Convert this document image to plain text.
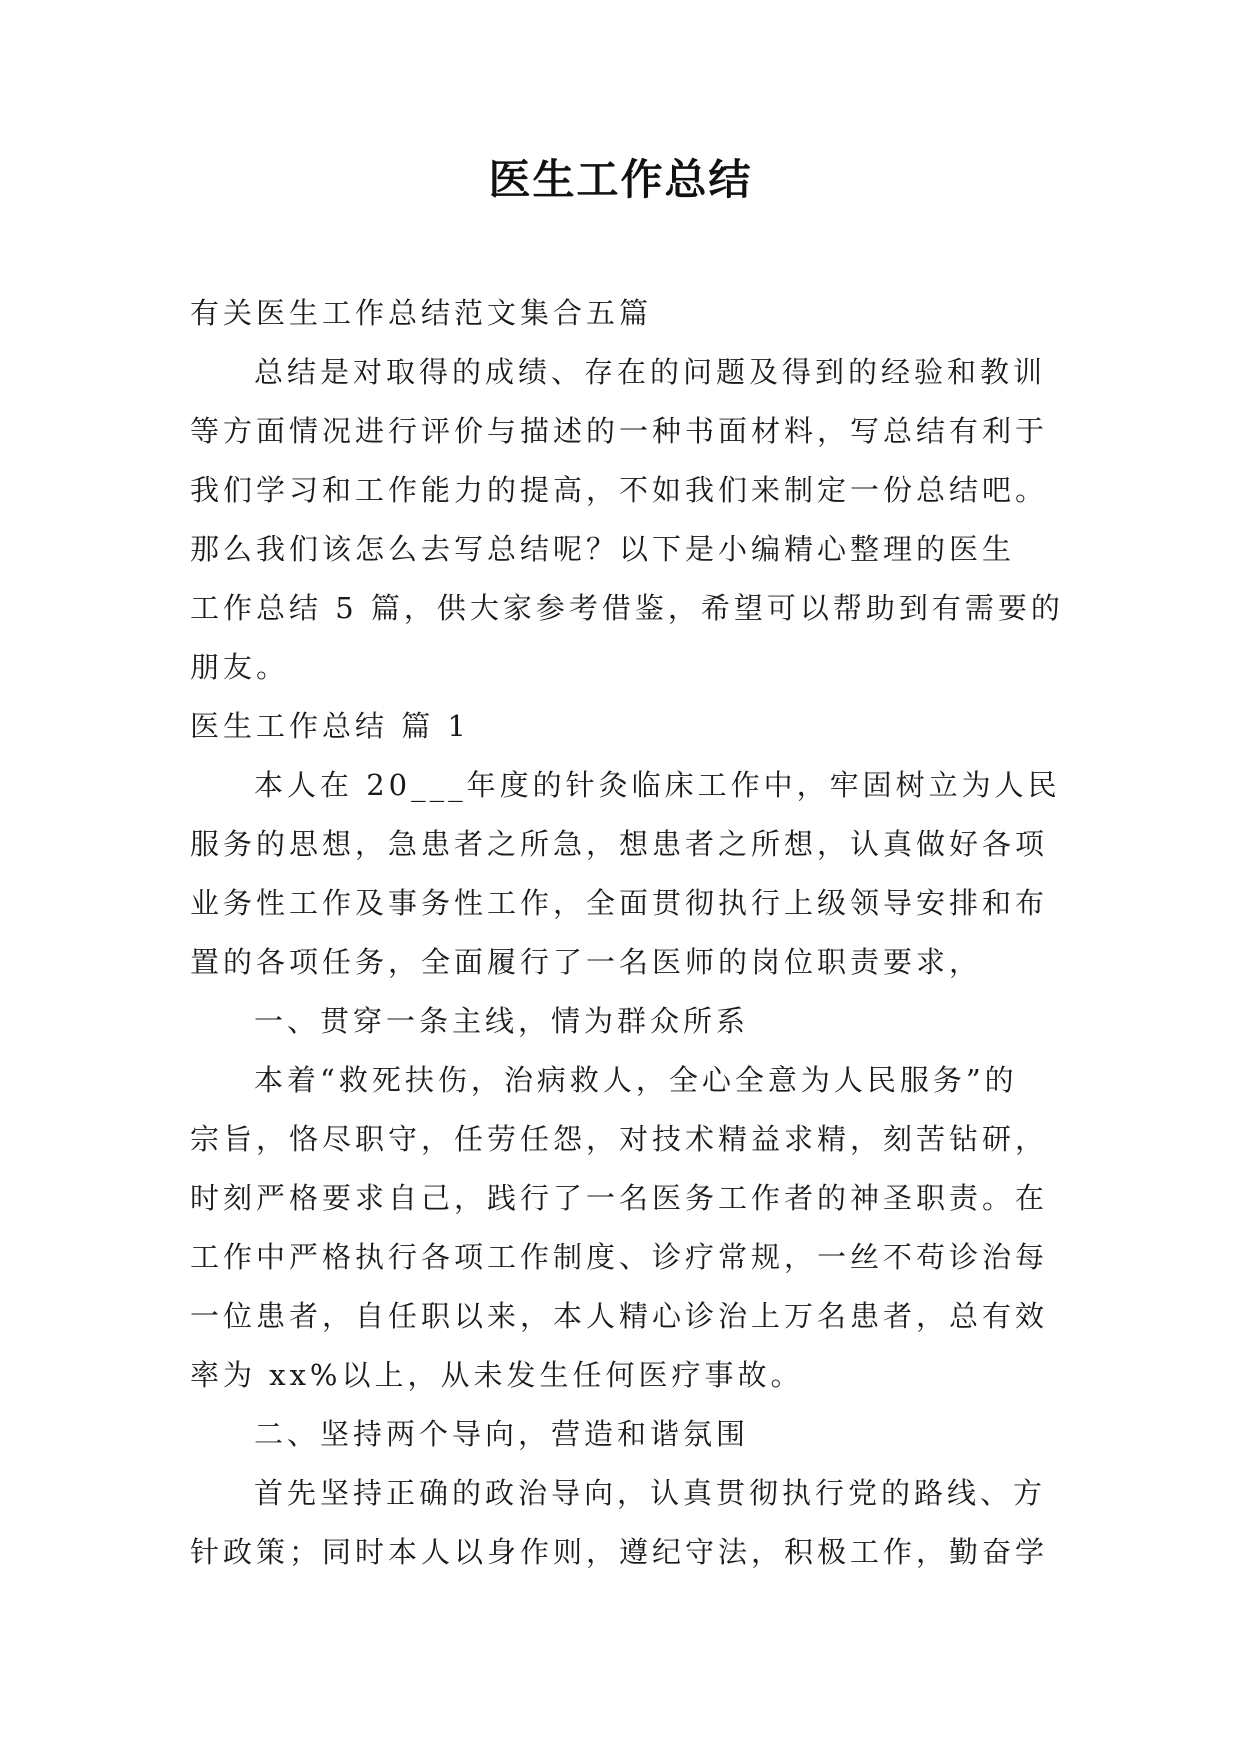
医生工作总结
有关医生工作总结范文集合五篇
总结是对取得的成绩、存在的问题及得到的经验和教训
等方面情况进行评价与描述的一种书面材料，写总结有利于
我们学习和工作能力的提高，不如我们来制定一份总结吧。
那么我们该怎么去写总结呢？以下是小编精心整理的医生
工作总结 5 篇，供大家参考借鉴，希望可以帮助到有需要的
朋友。
医生工作总结 篇 1
本人在 20___年度的针灸临床工作中，牢固树立为人民
服务的思想，急患者之所急，想患者之所想，认真做好各项
业务性工作及事务性工作，全面贯彻执行上级领导安排和布
置的各项任务，全面履行了一名医师的岗位职责要求，
一、贯穿一条主线，情为群众所系
本着“救死扶伤，治病救人，全心全意为人民服务”的
宗旨，恪尽职守，任劳任怨，对技术精益求精，刻苦钻研，
时刻严格要求自己，践行了一名医务工作者的神圣职责。在
工作中严格执行各项工作制度、诊疗常规，一丝不苟诊治每
一位患者，自任职以来，本人精心诊治上万名患者，总有效
率为 xx%以上，从未发生任何医疗事故。
二、坚持两个导向，营造和谐氛围
首先坚持正确的政治导向，认真贯彻执行党的路线、方
针政策；同时本人以身作则，遵纪守法，积极工作，勤奋学
